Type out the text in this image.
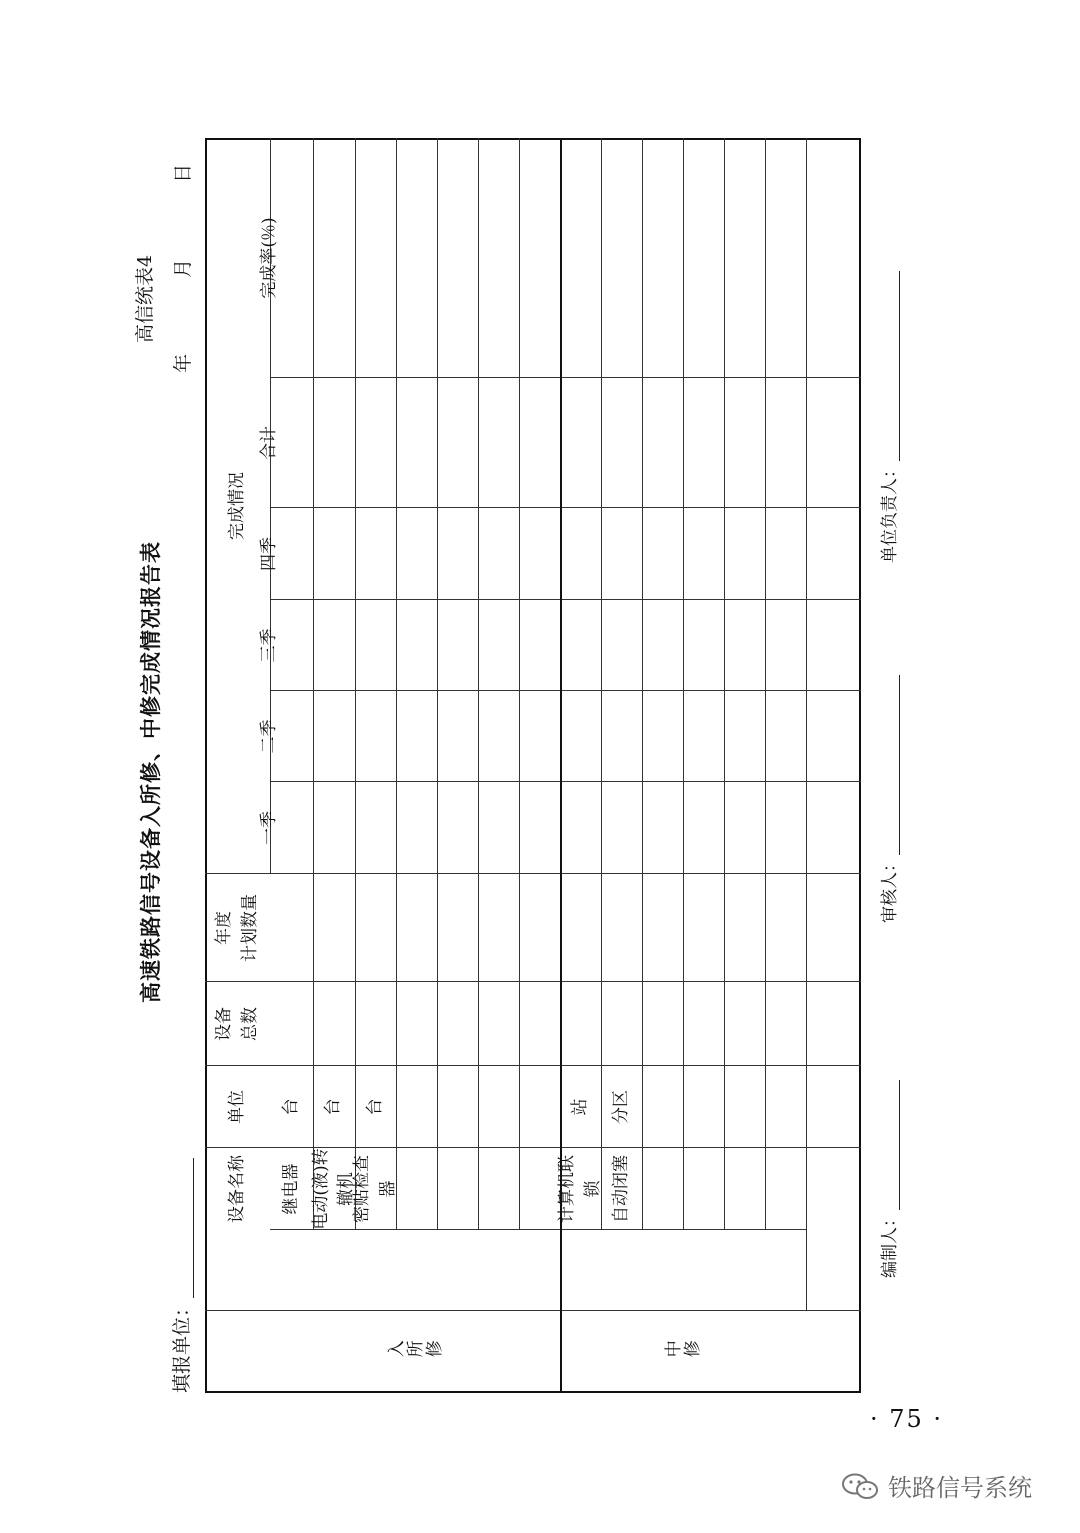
高速铁路信号设备入所修、中修完成情况报告表
高信统表4
年 月 日
填报单位：
设备名称
单位
设备 总数
年度 计划数量
完成情况
一季
二季
三季
四季
合计
完成率(％)
入所修
继电器
台
电动(液)转辙机
台
密贴检查器
台
中修
计算机联锁
站
自动闭塞
分区
编制人：
审核人：
单位负责人：
· 75 ·
铁路信号系统
